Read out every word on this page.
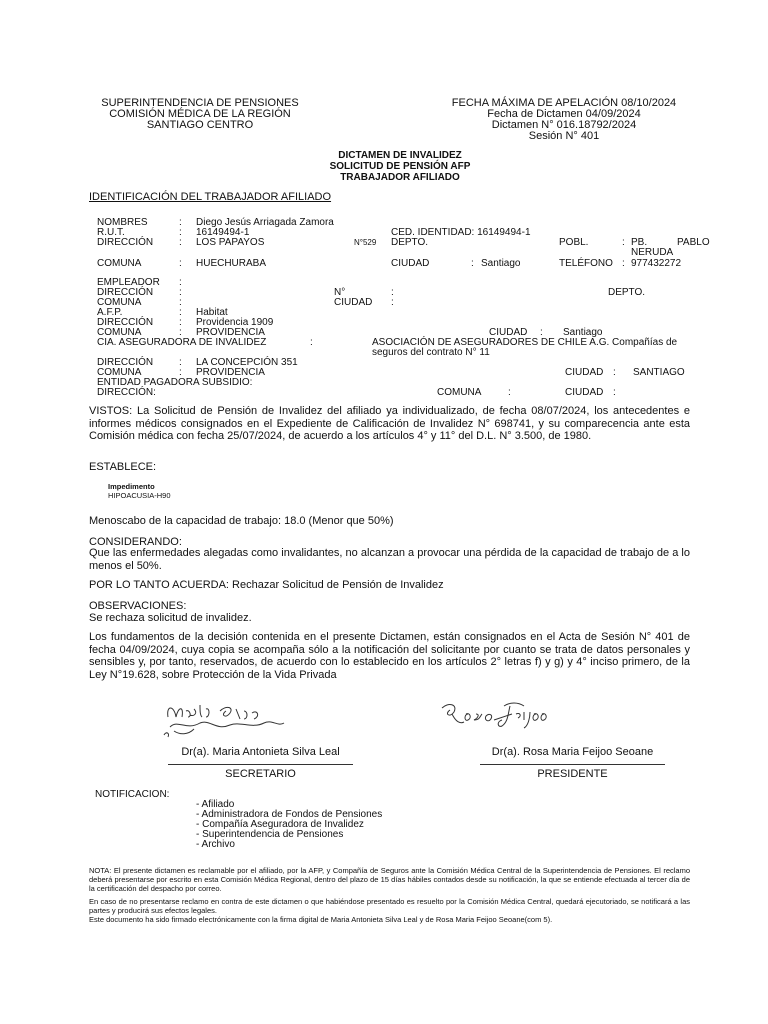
SUPERINTENDENCIA DE PENSIONES
COMISIÓN MÉDICA DE LA REGIÓN
SANTIAGO CENTRO
FECHA MÁXIMA DE APELACIÓN 08/10/2024
Fecha de Dictamen 04/09/2024
Dictamen N° 016.18792/2024
Sesión N° 401
DICTAMEN DE INVALIDEZ
SOLICITUD DE PENSIÓN AFP
TRABAJADOR AFILIADO
IDENTIFICACIÓN DEL TRABAJADOR AFILIADO
NOMBRES	: Diego Jesús Arriagada Zamora
R.U.T.	: 16149494-1	CED. IDENTIDAD: 16149494-1
DIRECCIÓN	: LOS PAPAYOS	N°529 DEPTO.	POBL.	: PB.	PABLO
NERUDA
COMUNA	: HUECHURABA	CIUDAD	: Santiago	TELÉFONO : 977432272
EMPLEADOR :
DIRECCIÓN	:	N°	:	DEPTO.
COMUNA	:	CIUDAD :
A.F.P.	: Habitat
DIRECCIÓN	: Providencia 1909
COMUNA	: PROVIDENCIA	CIUDAD : Santiago
CIA. ASEGURADORA DE INVALIDEZ	:	ASOCIACIÓN DE ASEGURADORES DE CHILE A.G. Compañías de
seguros del contrato N° 11
DIRECCIÓN	: LA CONCEPCIÓN 351
COMUNA	: PROVIDENCIA	CIUDAD : SANTIAGO
ENTIDAD PAGADORA SUBSIDIO:
DIRECCIÓN:	COMUNA	:	CIUDAD :
VISTOS: La Solicitud de Pensión de Invalidez del afiliado ya individualizado, de fecha 08/07/2024, los antecedentes e informes médicos consignados en el Expediente de Calificación de Invalidez N° 698741, y su comparecencia ante esta Comisión médica con fecha 25/07/2024, de acuerdo a los artículos 4° y 11° del D.L. N° 3.500, de 1980.
ESTABLECE:
Impedimento
HIPOACUSIA-H90
Menoscabo de la capacidad de trabajo: 18.0 (Menor que 50%)
CONSIDERANDO:
Que las enfermedades alegadas como invalidantes, no alcanzan a provocar una pérdida de la capacidad de trabajo de a lo menos el 50%.
POR LO TANTO ACUERDA: Rechazar Solicitud de Pensión de Invalidez
OBSERVACIONES:
Se rechaza solicitud de invalidez.
Los fundamentos de la decisión contenida en el presente Dictamen, están consignados en el Acta de Sesión N° 401 de fecha 04/09/2024, cuya copia se acompaña sólo a la notificación del solicitante por cuanto se trata de datos personales y sensibles y, por tanto, reservados, de acuerdo con lo establecido en los artículos 2° letras f) y g) y 4° inciso primero, de la Ley N°19.628, sobre Protección de la Vida Privada
Dr(a). Maria Antonieta Silva Leal
SECRETARIO
Dr(a). Rosa Maria Feijoo Seoane
PRESIDENTE
NOTIFICACION:
- Afiliado
- Administradora de Fondos de Pensiones
- Compañía Aseguradora de Invalidez
- Superintendencia de Pensiones
- Archivo
NOTA: El presente dictamen es reclamable por el afiliado, por la AFP, y Compañía de Seguros ante la Comisión Médica Central de la Superintendencia de Pensiones. El reclamo deberá presentarse por escrito en esta Comisión Médica Regional, dentro del plazo de 15 días hábiles contados desde su notificación, la que se entiende efectuada al tercer día de la certificación del despacho por correo.
En caso de no presentarse reclamo en contra de este dictamen o que habiéndose presentado es resuelto por la Comisión Médica Central, quedará ejecutoriado, se notificará a las partes y producirá sus efectos legales.
Este documento ha sido firmado electrónicamente con la firma digital de Maria Antonieta Silva Leal y de Rosa Maria Feijoo Seoane(com 5).
